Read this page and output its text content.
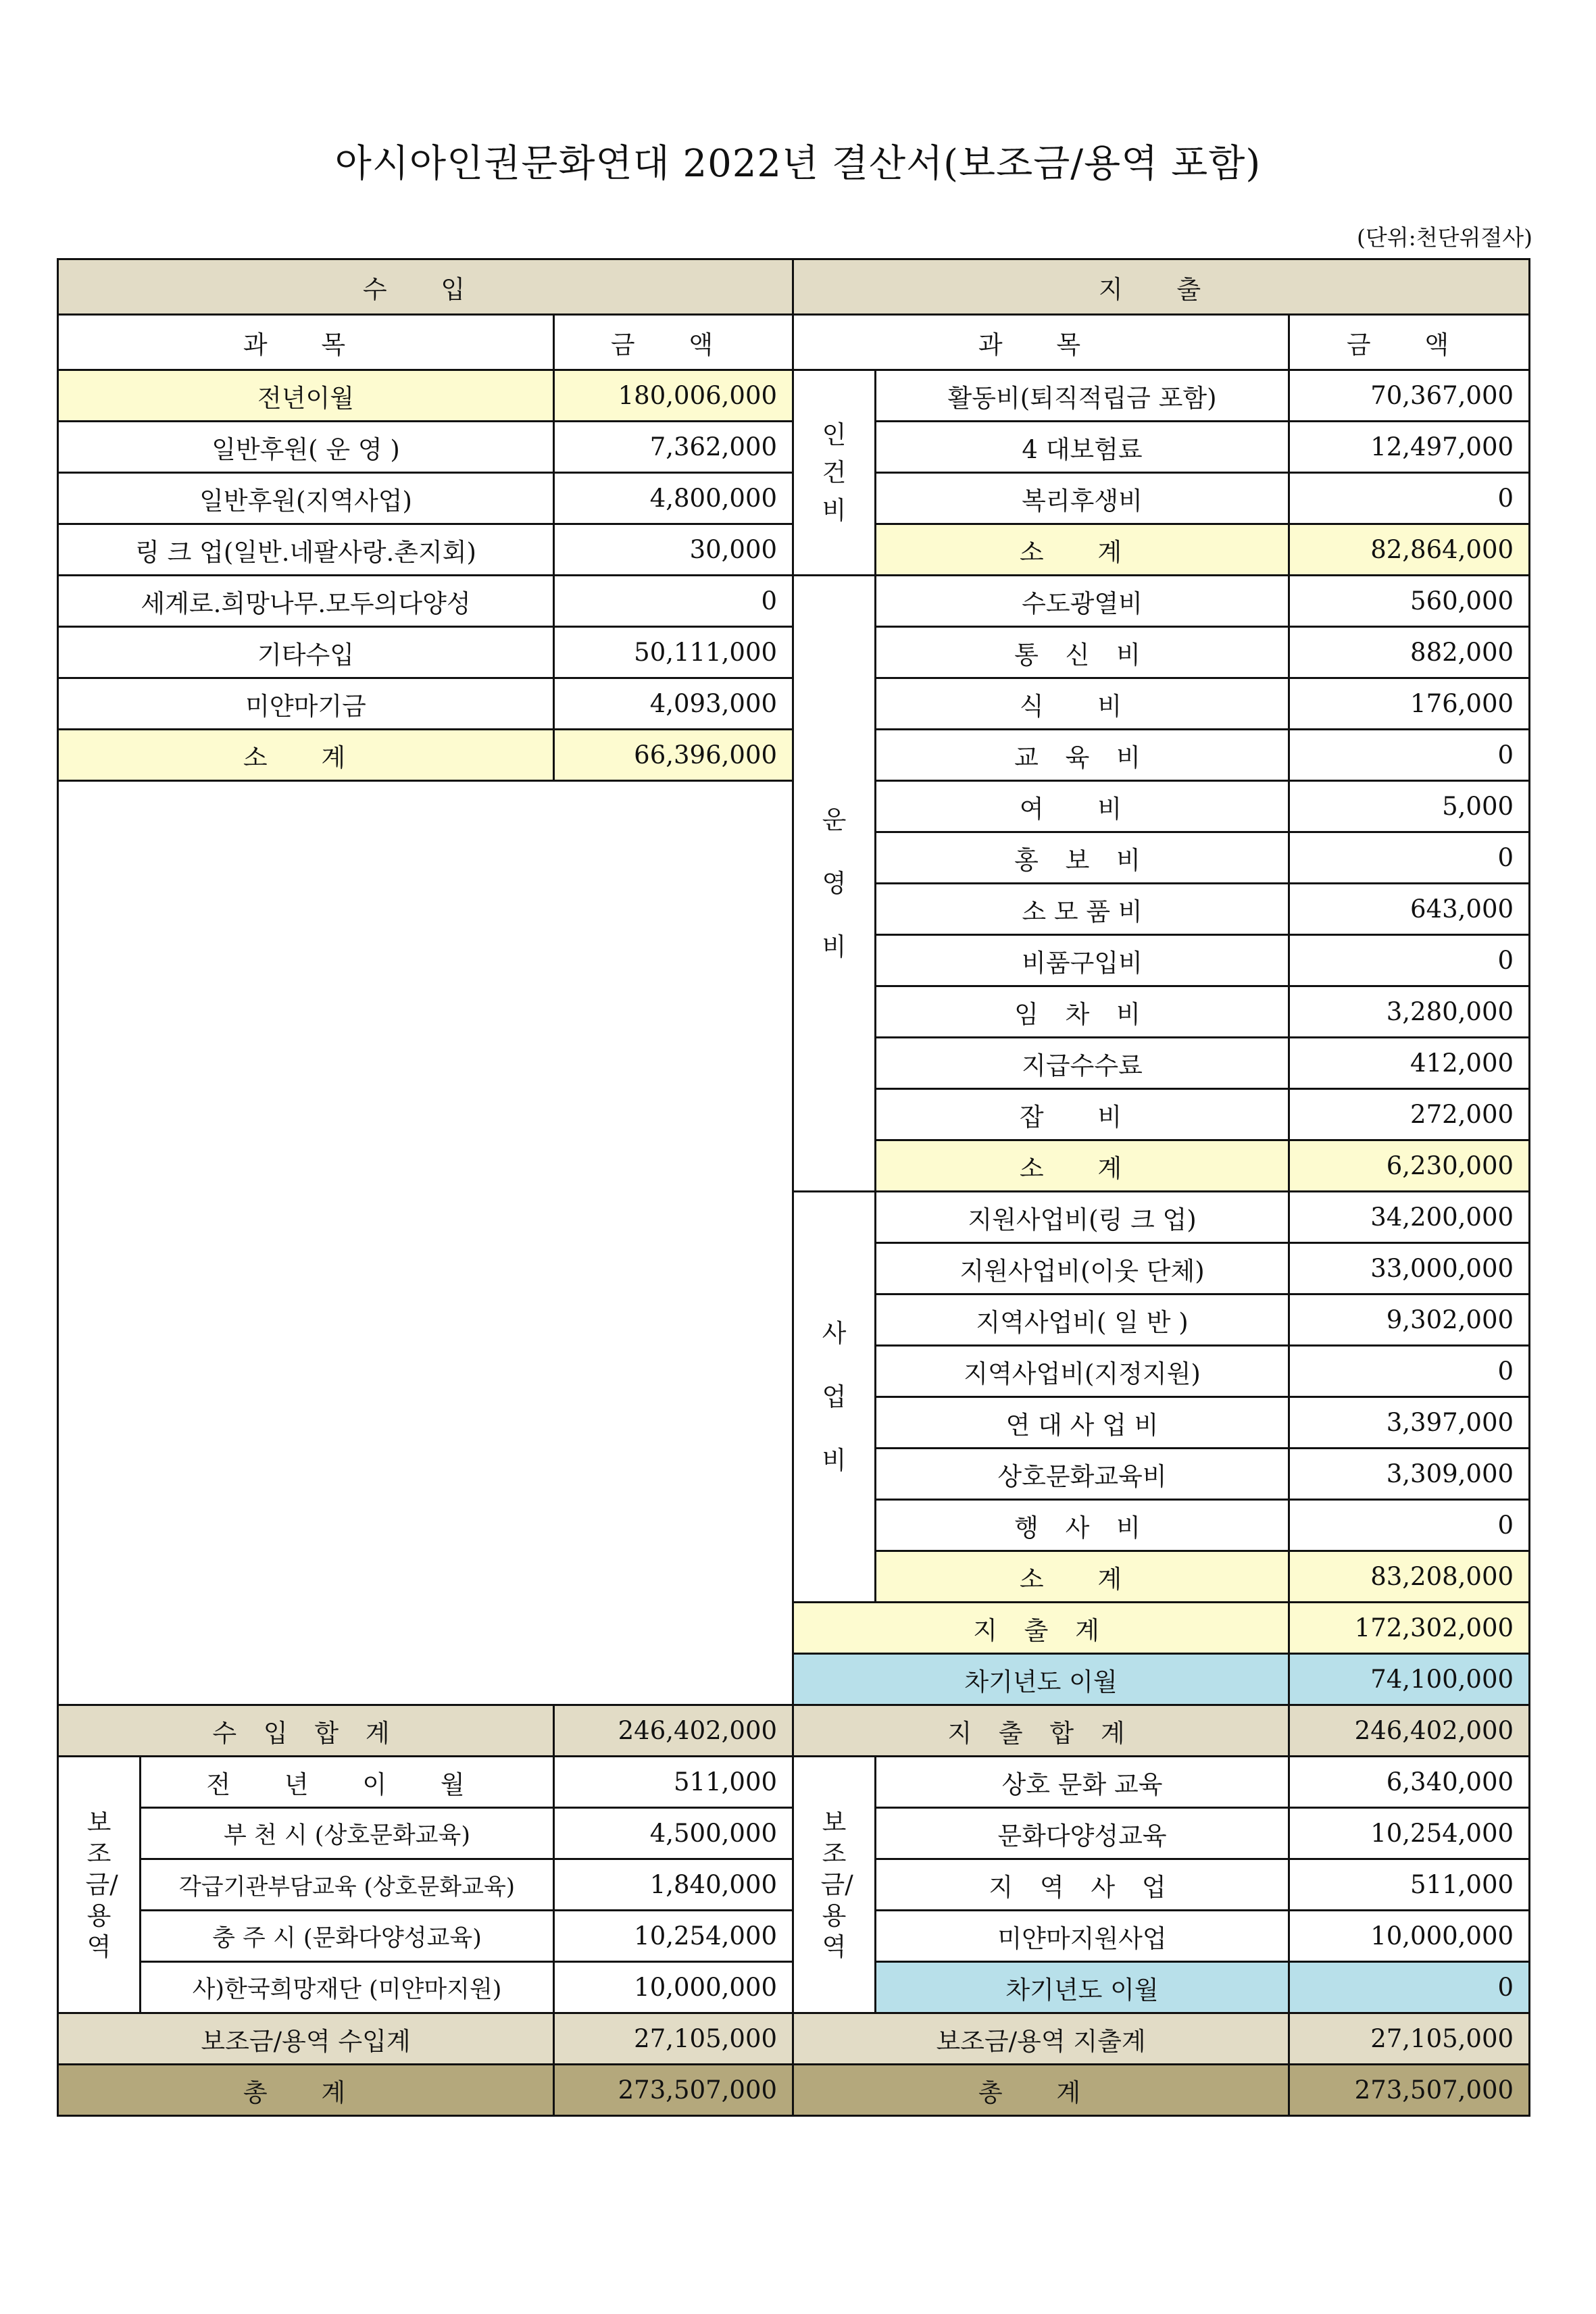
아시아인권문화연대 2022년 결산서(보조금/용역 포함)
(단위:천단위절사)
수 입			지 출		
과 목		금 액	과 목		금 액
전년이월		180,006,000	인건비	활동비(퇴직적립금 포함)	70,367,000
일반후원( 운 영 )		7,362,000		4 대보험료	12,497,000
일반후원(지역사업)		4,800,000		복리후생비	0
링 크 업(일반.네팔사랑.촌지회)		30,000		소 계	82,864,000
세계로.희망나무.모두의다양성		0	운영비	수도광열비	560,000
기타수입		50,111,000		통 신 비	882,000
미얀마기금		4,093,000		식 비	176,000
소 계		66,396,000		교 육 비	0
				여 비	5,000
				홍 보 비	0
				소 모 품 비	643,000
				비품구입비	0
				임 차 비	3,280,000
				지급수수료	412,000
				잡 비	272,000
				소 계	6,230,000
			사업비	지원사업비(링 크 업)	34,200,000
				지원사업비(이웃 단체)	33,000,000
				지역사업비( 일 반 )	9,302,000
				지역사업비(지정지원)	0
				연 대 사 업 비	3,397,000
				상호문화교육비	3,309,000
				행 사 비	0
				소 계	83,208,000
			지 출 계		172,302,000
			차기년도 이월		74,100,000
수 입 합 계		246,402,000	지 출 합 계		246,402,000
보조금/용역	전 년 이 월	511,000	보조금/용역	상호 문화 교육	6,340,000
	부 천 시 (상호문화교육)	4,500,000		문화다양성교육	10,254,000
	각급기관부담교육 (상호문화교육)	1,840,000		지 역 사 업	511,000
	충 주 시 (문화다양성교육)	10,254,000		미얀마지원사업	10,000,000
	사)한국희망재단 (미얀마지원)	10,000,000		차기년도 이월	0
보조금/용역 수입계		27,105,000	보조금/용역 지출계		27,105,000
총 계		273,507,000	총 계		273,507,000
